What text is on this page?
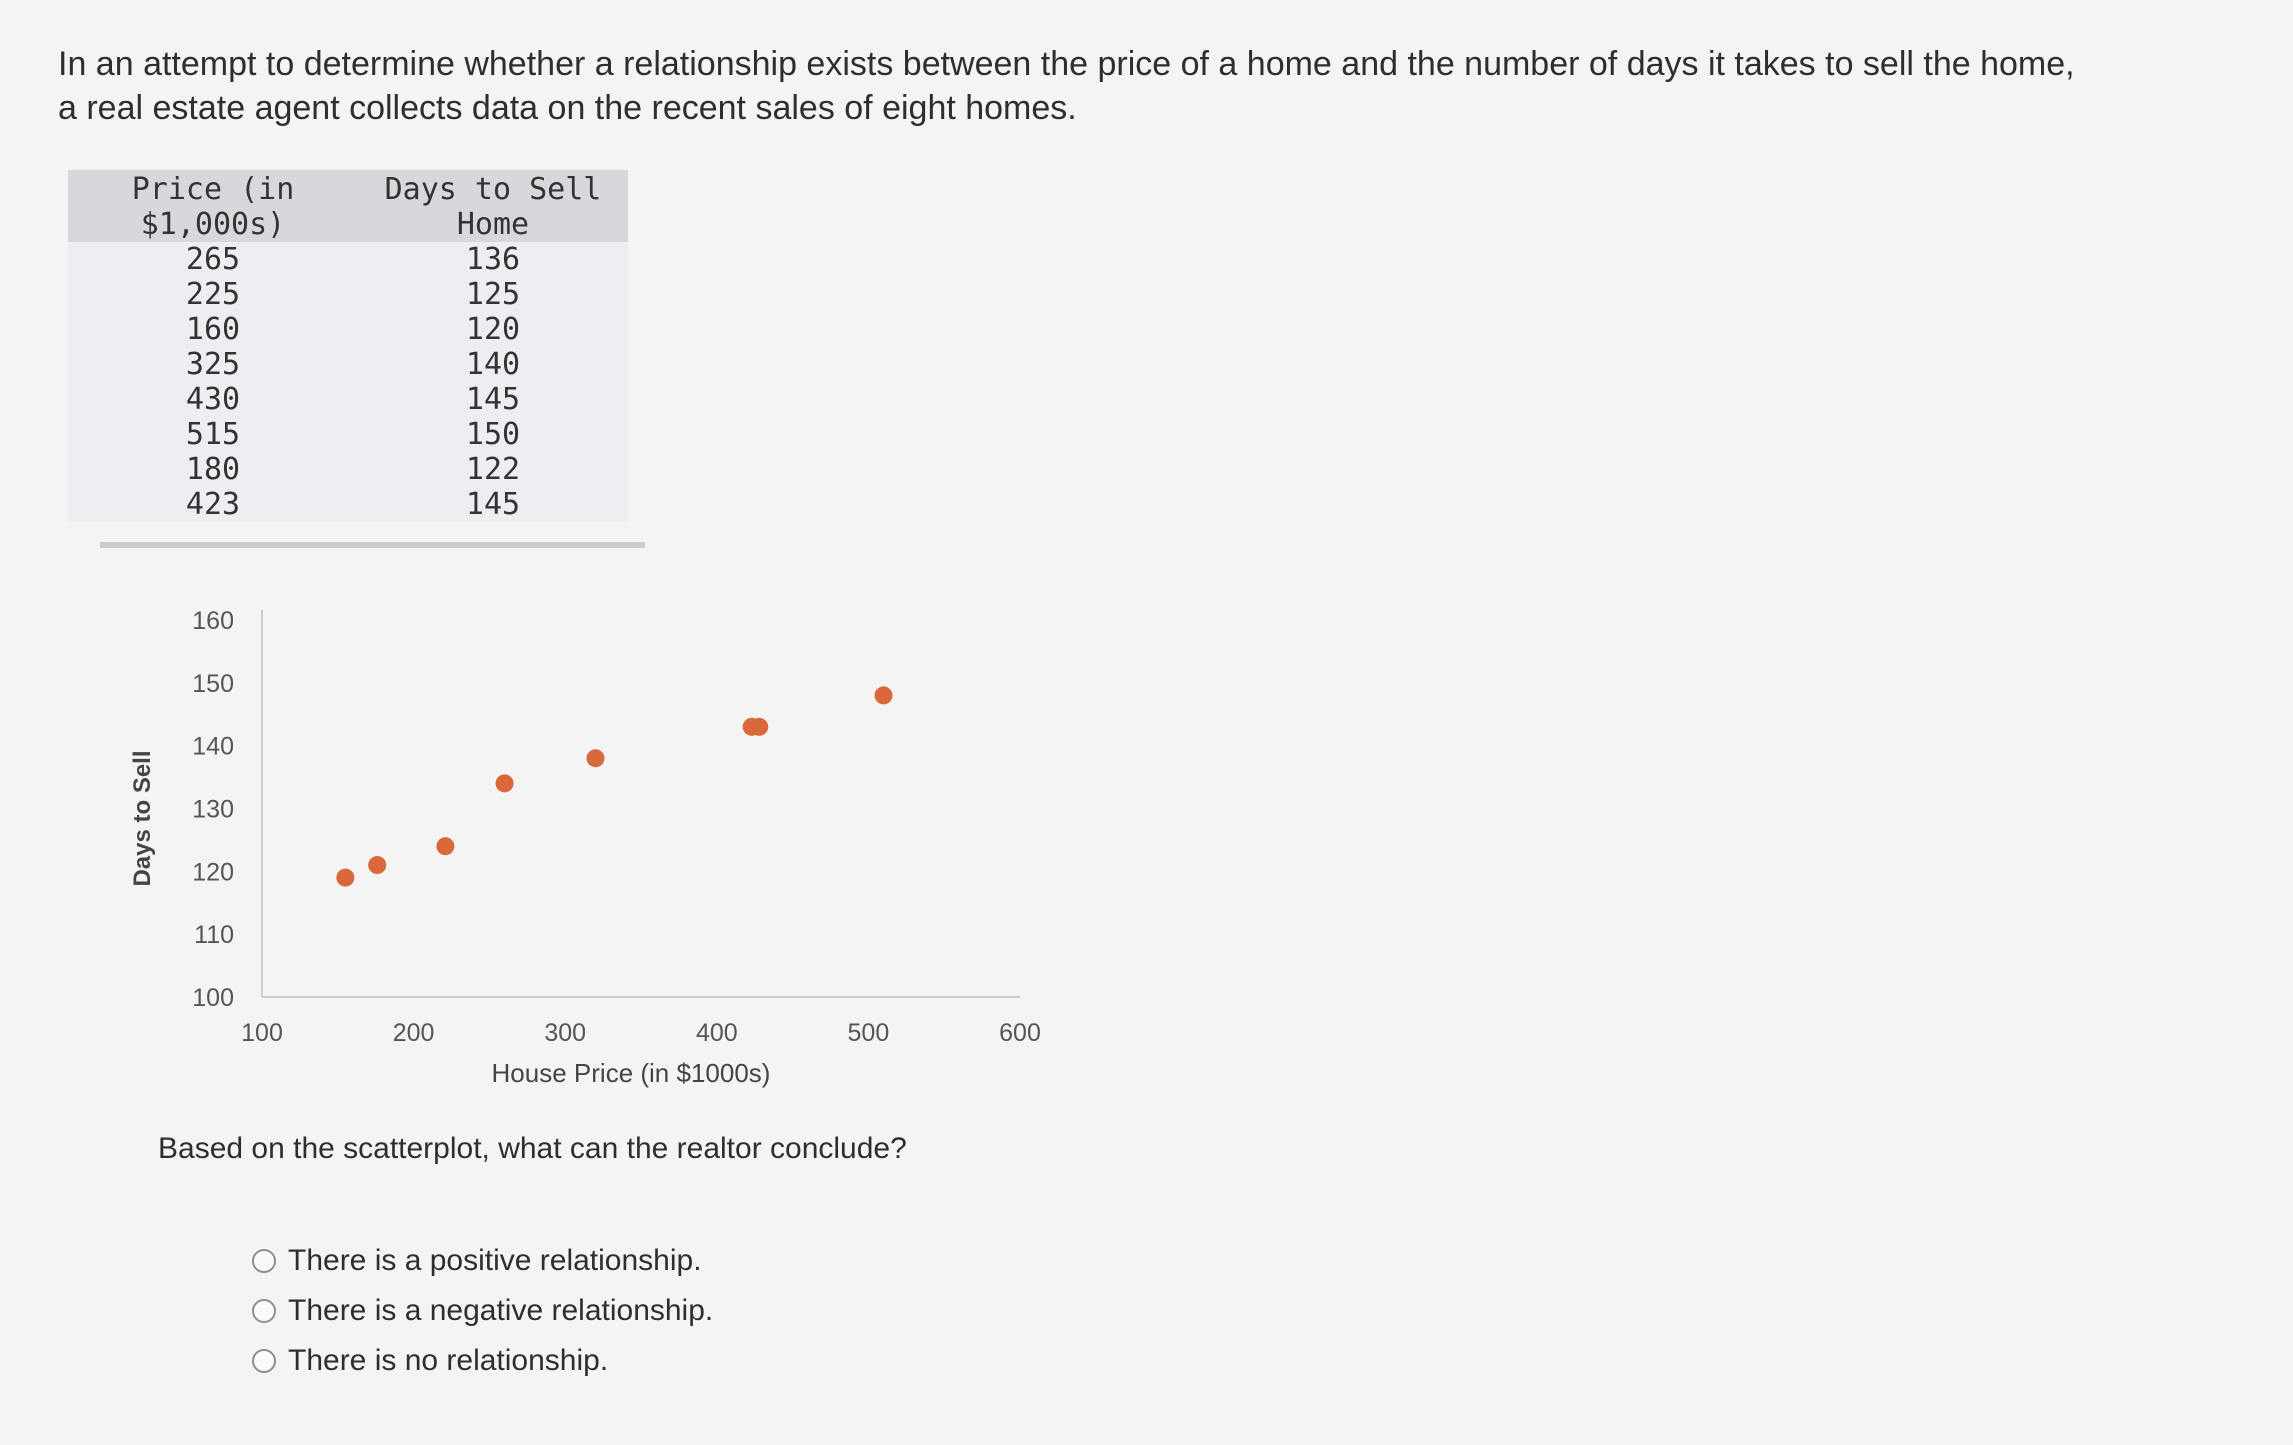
In an attempt to determine whether a relationship exists between the price of a home and the number of days it takes to sell the home,
a real estate agent collects data on the recent sales of eight homes.
Price (in $1,000s)	Days to Sell Home
265	136
225	125
160	120
325	140
430	145
515	150
180	122
423	145
100
110
120
130
140
150
160
100	200	300	400	500	600
House Price (in $1000s)
Days to Sell
Based on the scatterplot, what can the realtor conclude?
There is a positive relationship.
There is a negative relationship.
There is no relationship.
